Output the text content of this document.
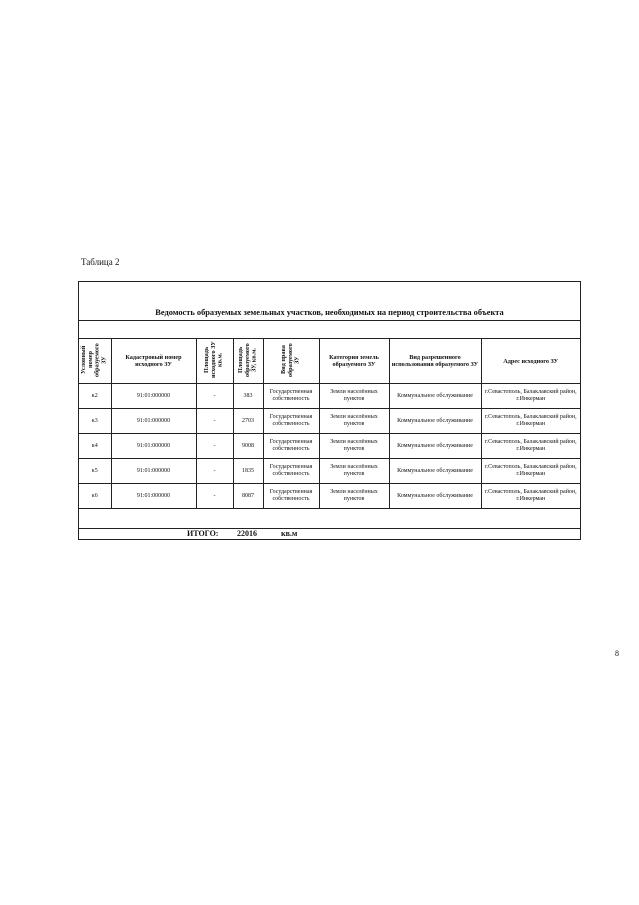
Таблица 2
Ведомость образуемых земельных участков, необходимых на период строительства объекта
Условный номер образуемого ЗУ	Кадастровый номер исходного ЗУ	Площадь исходного ЗУ кв.м.	Площадь образуемого ЗУ, кв.м.	Вид права образуемого ЗУ	Категория земель образуемого ЗУ	Вид разрешенного использования образуемого ЗУ	Адрес исходного ЗУ
к2	91:01:000000	-	383	Государственная собственность	Земли населённых пунктов	Коммунальное обслуживание	г.Севастополь, Балаклавский район, г.Инкерман
к3	91:01:000000	-	2703	Государственная собственность	Земли населённых пунктов	Коммунальное обслуживание	г.Севастополь, Балаклавский район, г.Инкерман
к4	91:01:000000	-	9008	Государственная собственность	Земли населённых пунктов	Коммунальное обслуживание	г.Севастополь, Балаклавский район, г.Инкерман
к5	91:01:000000	-	1835	Государственная собственность	Земли населённых пунктов	Коммунальное обслуживание	г.Севастополь, Балаклавский район, г.Инкерман
к6	91:01:000000	-	8087	Государственная собственность	Земли населённых пунктов	Коммунальное обслуживание	г.Севастополь, Балаклавский район, г.Инкерман
ИТОГО: 22016	кв.м
8
